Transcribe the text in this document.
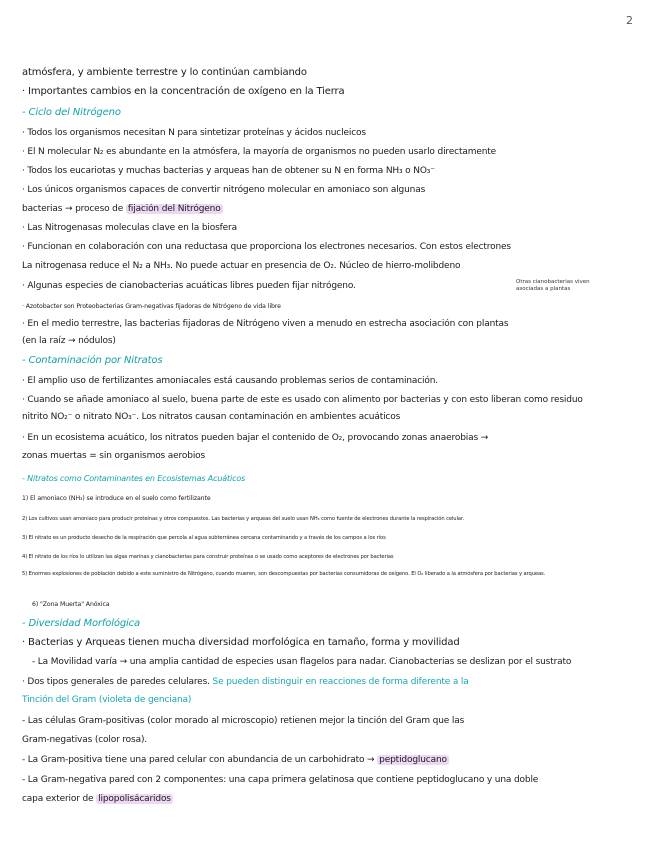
2
atmósfera, y ambiente terrestre y lo continúan cambiando
· Importantes cambios en la concentración de oxígeno en la Tierra
- Ciclo del Nitrógeno
· Todos los organismos necesitan N para sintetizar proteínas y ácidos nucleicos
· El N molecular N₂ es abundante en la atmósfera, la mayoría de organismos no pueden usarlo directamente
· Todos los eucariotas y muchas bacterias y arqueas han de obtener su N en forma NH₃ o NO₃⁻
· Los únicos organismos capaces de convertir nitrógeno molecular en amoniaco son algunas
bacterias → proceso de fijación del Nitrógeno
· Las Nitrogenasas moleculas clave en la biosfera
· Funcionan en colaboración con una reductasa que proporciona los electrones necesarios. Con estos electrones
La nitrogenasa reduce el N₂ a NH₃. No puede actuar en presencia de O₂. Núcleo de hierro-molibdeno
· Algunas especies de cianobacterias acuáticas libres pueden fijar nitrógeno.	Otras cianobacterias viven
asociadas a plantas
· Azotobacter son Proteobacterias Gram-negativas fijadoras de Nitrógeno de vida libre
· En el medio terrestre, las bacterias fijadoras de Nitrógeno viven a menudo en estrecha asociación con plantas
(en la raíz → nódulos)
- Contaminación por Nitratos
· El amplio uso de fertilizantes amoniacales está causando problemas serios de contaminación.
· Cuando se añade amoniaco al suelo, buena parte de este es usado con alimento por bacterias y con esto liberan como residuo
nitrito NO₂⁻ o nitrato NO₃⁻. Los nitratos causan contaminación en ambientes acuáticos
· En un ecosistema acuático, los nitratos pueden bajar el contenido de O₂, provocando zonas anaerobias →
zonas muertas = sin organismos aerobios
- Nitratos como Contaminantes en Ecosistemas Acuáticos
1) El amoniaco (NH₃) se introduce en el suelo como fertilizante
2) Los cultivos usan amoniaco para producir proteínas y otros compuestos. Las bacterias y arqueas del suelo usan NH₃ como fuente de electrones durante la respiración celular.
3) El nitrato es un producto desecho de la respiración que percola al agua subterránea cercana contaminando y a través de los campos a los ríos
4) El nitrato de los ríos lo utilizan las algas marinas y cianobacterias para construir proteínas o se usado como aceptores de electrones por bacterias
5) Enormes explosiones de población debido a este suministro de Nitrógeno, cuando mueren, son descompuestas por bacterias consumidoras de oxígeno. El O₂ liberado a la atmósfera por bacterias y arqueas.
6) "Zona Muerta" Anóxica
- Diversidad Morfológica
· Bacterias y Arqueas tienen mucha diversidad morfológica en tamaño, forma y movilidad
- La Movilidad varía → una amplia cantidad de especies usan flagelos para nadar. Cianobacterias se deslizan por el sustrato
· Dos tipos generales de paredes celulares. Se pueden distinguir en reacciones de forma diferente a la
Tinción del Gram (violeta de genciana)
- Las células Gram-positivas (color morado al microscopio) retienen mejor la tinción del Gram que las
Gram-negativas (color rosa).
- La Gram-positiva tiene una pared celular con abundancia de un carbohidrato → peptidoglucano
- La Gram-negativa pared con 2 componentes: una capa primera gelatinosa que contiene peptidoglucano y una doble
capa exterior de lipopolisácaridos
